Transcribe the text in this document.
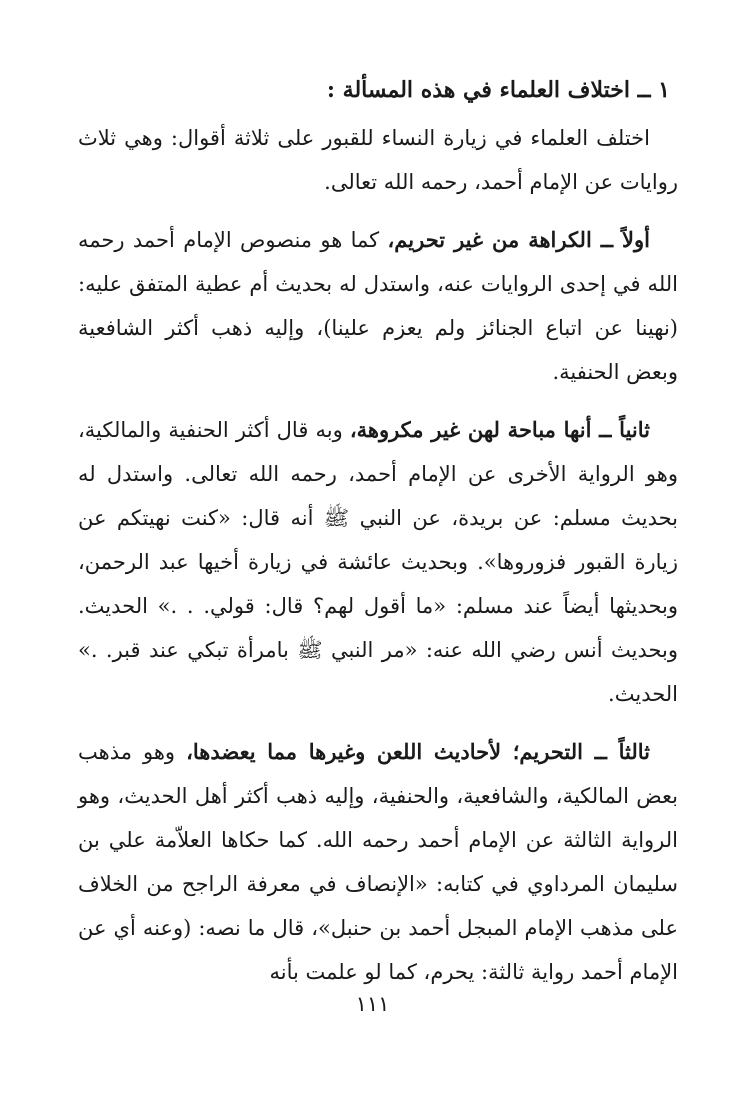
١ ــ اختلاف العلماء في هذه المسألة :

اختلف العلماء في زيارة النساء للقبور على ثلاثة أقوال: وهي ثلاث روايات عن الإمام أحمد، رحمه الله تعالى.

أولاً ــ الكراهة من غير تحريم، كما هو منصوص الإمام أحمد رحمه الله في إحدى الروايات عنه، واستدل له بحديث أم عطية المتفق عليه: (نهينا عن اتباع الجنائز ولم يعزم علينا)، وإليه ذهب أكثر الشافعية وبعض الحنفية.

ثانياً ــ أنها مباحة لهن غير مكروهة، وبه قال أكثر الحنفية والمالكية، وهو الرواية الأخرى عن الإمام أحمد، رحمه الله تعالى. واستدل له بحديث مسلم: عن بريدة، عن النبي ﷺ أنه قال: «كنت نهيتكم عن زيارة القبور فزوروها». وبحديث عائشة في زيارة أخيها عبد الرحمن، وبحديثها أيضاً عند مسلم: «ما أقول لهم؟ قال: قولي. . .» الحديث. وبحديث أنس رضي الله عنه: «مر النبي ﷺ بامرأة تبكي عند قبر. .» الحديث.

ثالثاً ــ التحريم؛ لأحاديث اللعن وغيرها مما يعضدها، وهو مذهب بعض المالكية، والشافعية، والحنفية، وإليه ذهب أكثر أهل الحديث، وهو الرواية الثالثة عن الإمام أحمد رحمه الله. كما حكاها العلاّمة علي بن سليمان المرداوي في كتابه: «الإنصاف في معرفة الراجح من الخلاف على مذهب الإمام المبجل أحمد بن حنبل»، قال ما نصه: (وعنه أي عن الإمام أحمد رواية ثالثة: يحرم، كما لو علمت بأنه

١١١
